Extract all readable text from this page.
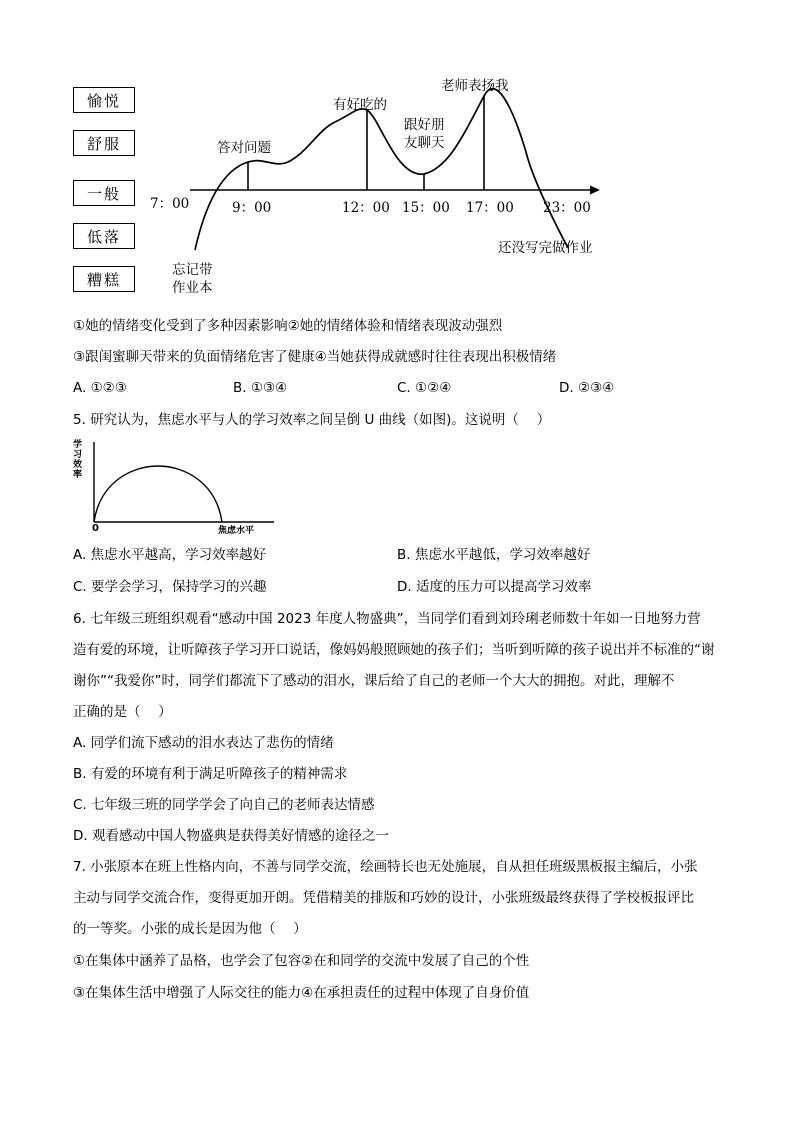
愉悦
舒服
一般
低落
糟糕
7：00	9：00	12：00 15：00 17：00 23：00
忘记带
作业本
答对问题
有好吃的
跟好朋
友聊天
老师表扬我
还没写完做作业
①她的情绪变化受到了多种因素影响②她的情绪体验和情绪表现波动强烈
③跟闺蜜聊天带来的负面情绪危害了健康④当她获得成就感时往往表现出积极情绪
A. ①②③	B. ①③④	C. ①②④	D. ②③④
5. 研究认为，焦虑水平与人的学习效率之间呈倒 U 曲线（如图)。这说明（　 ）
学习效率
0	焦虑水平
A. 焦虑水平越高，学习效率越好	B. 焦虑水平越低，学习效率越好
C. 要学会学习，保持学习的兴趣	D. 适度的压力可以提高学习效率
6. 七年级三班组织观看“感动中国 2023 年度人物盛典”，当同学们看到刘玲琍老师数十年如一日地努力营
造有爱的环境，让听障孩子学习开口说话，像妈妈般照顾她的孩子们；当听到听障的孩子说出并不标准的“谢
谢你”“我爱你”时，同学们都流下了感动的泪水，课后给了自己的老师一个大大的拥抱。对此，理解不
正确的是（　 ）
A. 同学们流下感动的泪水表达了悲伤的情绪
B. 有爱的环境有利于满足听障孩子的精神需求
C. 七年级三班的同学学会了向自己的老师表达情感
D. 观看感动中国人物盛典是获得美好情感的途径之一
7. 小张原本在班上性格内向，不善与同学交流，绘画特长也无处施展，自从担任班级黑板报主编后，小张
主动与同学交流合作，变得更加开朗。凭借精美的排版和巧妙的设计，小张班级最终获得了学校板报评比
的一等奖。小张的成长是因为他（　 ）
①在集体中涵养了品格，也学会了包容②在和同学的交流中发展了自己的个性
③在集体生活中增强了人际交往的能力④在承担责任的过程中体现了自身价值
